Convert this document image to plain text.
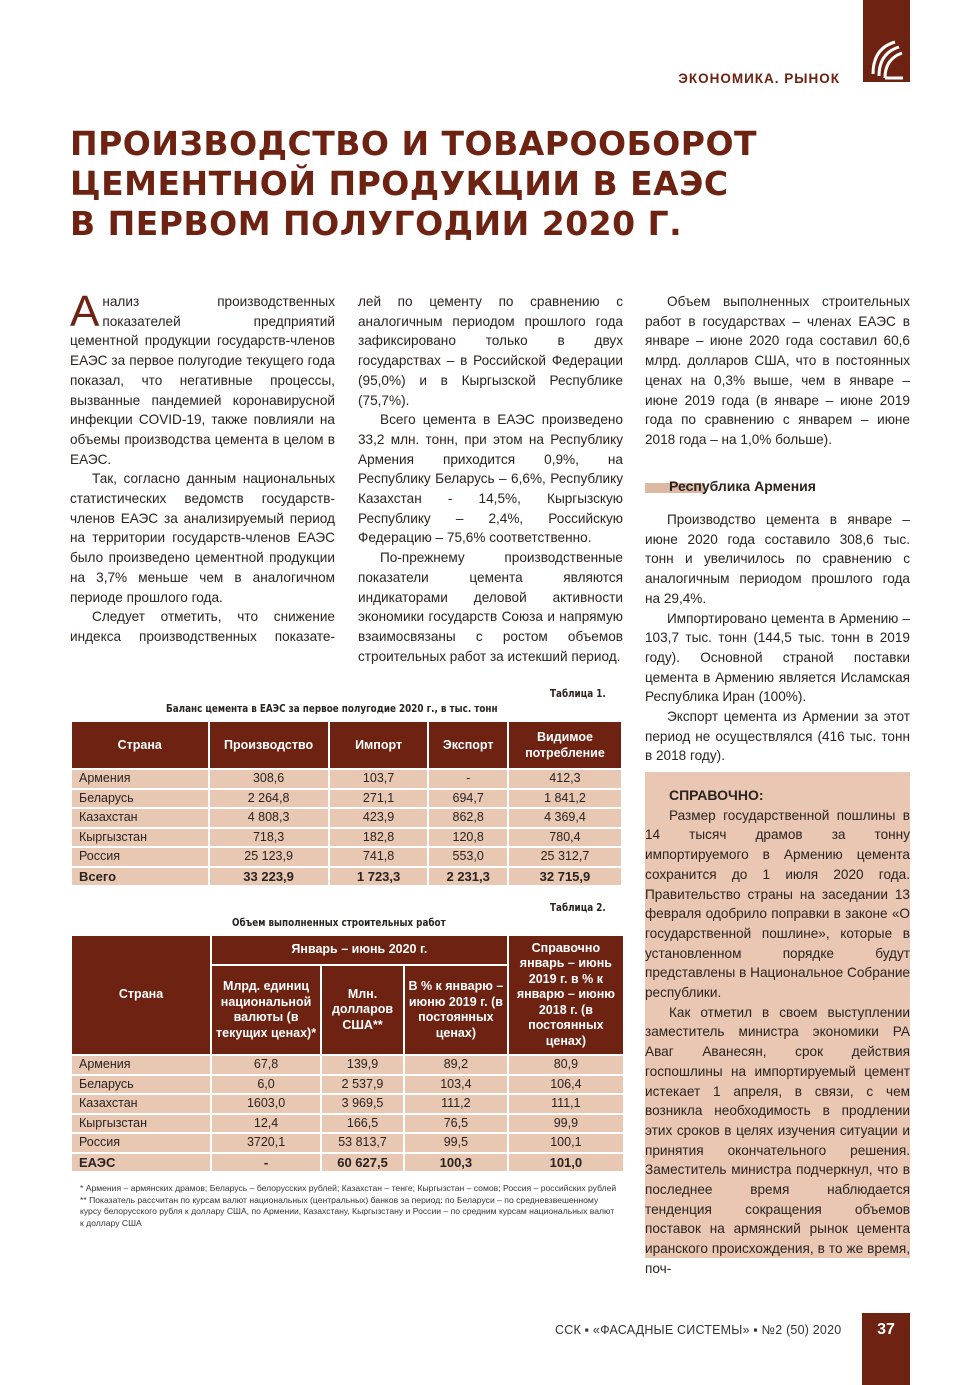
ЭКОНОМИКА. РЫНОК
ПРОИЗВОДСТВО И ТОВАРООБОРОТ
ЦЕМЕНТНОЙ ПРОДУКЦИИ В ЕАЭС
В ПЕРВОМ ПОЛУГОДИИ 2020 Г.

Анализ производственных показателей предприятий цементной продукции государств-членов ЕАЭС за первое полугодие текущего года показал, что негативные процессы, вызванные пандемией коронавирусной инфекции COVID-19, также повлияли на объемы производства цемента в целом в ЕАЭС.

Так, согласно данным национальных статистических ведомств государств- членов ЕАЭС за анализируемый период на территории государств-членов ЕАЭС было произведено цементной продукции на 3,7% меньше чем в аналогичном периоде прошлого года.

Следует отметить, что снижение индекса производственных показате-

лей по цементу по сравнению с аналогичным периодом прошлого года зафиксировано только в двух государствах – в Российской Федерации (95,0%) и в Кыргызской Республике (75,7%).

Всего цемента в ЕАЭС произведено 33,2 млн. тонн, при этом на Республику Армения приходится 0,9%, на Республику Беларусь – 6,6%, Республику Казахстан - 14,5%, Кыргызскую Республику – 2,4%, Российскую Федерацию – 75,6% соответственно.

По-прежнему производственные показатели цемента являются индикаторами деловой активности экономики государств Союза и напрямую взаимосвязаны с ростом объемов строительных работ за истекший период.

Объем выполненных строительных работ в государствах – членах ЕАЭС в январе – июне 2020 года составил 60,6 млрд. долларов США, что в постоянных ценах на 0,3% выше, чем в январе – июне 2019 года (в январе – июне 2019 года по сравнению с январем – июне 2018 года – на 1,0% больше).

Республика Армения

Производство цемента в январе – июне 2020 года составило 308,6 тыс. тонн и увеличилось по сравнению с аналогичным периодом прошлого года на 29,4%.

Импортировано цемента в Армению – 103,7 тыс. тонн (144,5 тыс. тонн в 2019 году). Основной страной поставки цемента в Армению является Исламская Республика Иран (100%).

Экспорт цемента из Армении за этот период не осуществлялся (416 тыс. тонн в 2018 году).

СПРАВОЧНО:

Размер государственной пошлины в 14 тысяч драмов за тонну импортируемого в Армению цемента сохранится до 1 июля 2020 года. Правительство страны на заседании 13 февраля одобрило поправки в законе «О государственной пошлине», которые в установленном порядке будут представлены в Национальное Собрание республики.

Как отметил в своем выступлении заместитель министра экономики РА Аваг Аванесян, срок действия госпошлины на импортируемый цемент истекает 1 апреля, в связи, с чем возникла необходимость в продлении этих сроков в целях изучения ситуации и принятия окончательного решения. Заместитель министра подчеркнул, что в последнее время наблюдается тенденция сокращения объемов поставок на армянский рынок цемента иранского происхождения, в то же время, поч-

Таблица 1.
Баланс цемента в ЕАЭС за первое полугодие 2020 г., в тыс. тонн
Страна	Производство	Импорт	Экспорт	Видимое потребление
Армения	308,6	103,7	-	412,3
Беларусь	2 264,8	271,1	694,7	1 841,2
Казахстан	4 808,3	423,9	862,8	4 369,4
Кыргызстан	718,3	182,8	120,8	780,4
Россия	25 123,9	741,8	553,0	25 312,7
Всего	33 223,9	1 723,3	2 231,3	32 715,9
Таблица 2.
Объем выполненных строительных работ
Страна	Январь – июнь 2020 г.			Справочно январь – июнь 2019 г. в % к январю – июню 2018 г. (в постоянных ценах)
	Млрд. единиц национальной валюты (в текущих ценах)*	Млн. долларов США**	В % к январю – июню 2019 г. (в постоянных ценах)	
Армения	67,8	139,9	89,2	80,9
Беларусь	6,0	2 537,9	103,4	106,4
Казахстан	1603,0	3 969,5	111,2	111,1
Кыргызстан	12,4	166,5	76,5	99,9
Россия	3720,1	53 813,7	99,5	100,1
ЕАЭС	-	60 627,5	100,3	101,0
* Армения – армянских драмов; Беларусь – белорусских рублей; Казахстан – тенге; Кыргызстан – сомов; Россия – российских рублей
** Показатель рассчитан по курсам валют национальных (центральных) банков за период: по Беларуси – по средневзвешенному курсу белорусского рубля к доллару США, по Армении, Казахстану, Кыргызстану и России – по средним курсам национальных валют к доллару США
ССК ▪ «ФАСАДНЫЕ СИСТЕМЫ» ▪ №2 (50) 2020	37
